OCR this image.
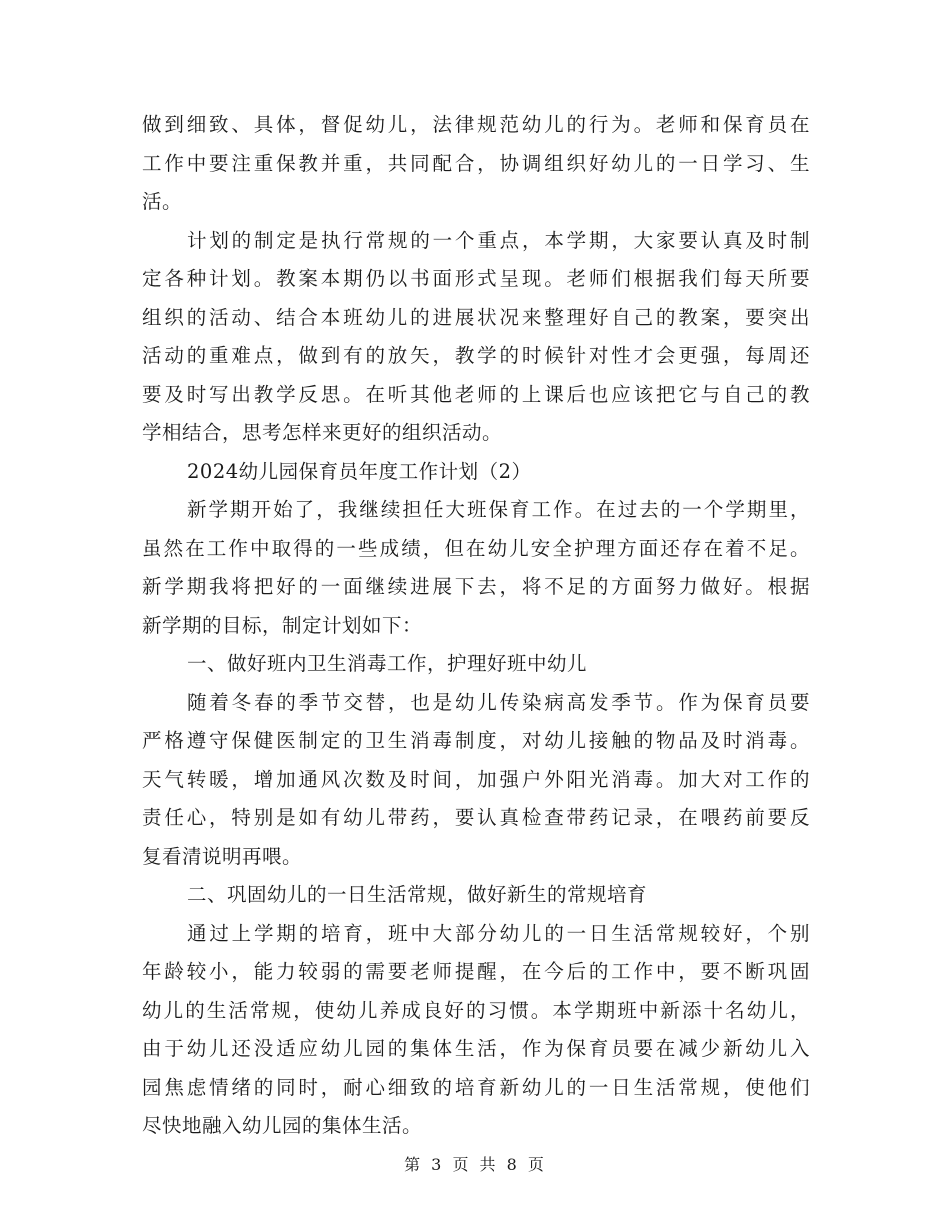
做到细致、具体，督促幼儿，法律规范幼儿的行为。老师和保育员在
工作中要注重保教并重，共同配合，协调组织好幼儿的一日学习、生
活。
计划的制定是执行常规的一个重点，本学期，大家要认真及时制
定各种计划。教案本期仍以书面形式呈现。老师们根据我们每天所要
组织的活动、结合本班幼儿的进展状况来整理好自己的教案，要突出
活动的重难点，做到有的放矢，教学的时候针对性才会更强，每周还
要及时写出教学反思。在听其他老师的上课后也应该把它与自己的教
学相结合，思考怎样来更好的组织活动。
2024幼儿园保育员年度工作计划（2）
新学期开始了，我继续担任大班保育工作。在过去的一个学期里，
虽然在工作中取得的一些成绩，但在幼儿安全护理方面还存在着不足。
新学期我将把好的一面继续进展下去，将不足的方面努力做好。根据
新学期的目标，制定计划如下：
一、做好班内卫生消毒工作，护理好班中幼儿
随着冬春的季节交替，也是幼儿传染病高发季节。作为保育员要
严格遵守保健医制定的卫生消毒制度，对幼儿接触的物品及时消毒。
天气转暖，增加通风次数及时间，加强户外阳光消毒。加大对工作的
责任心，特别是如有幼儿带药，要认真检查带药记录，在喂药前要反
复看清说明再喂。
二、巩固幼儿的一日生活常规，做好新生的常规培育
通过上学期的培育，班中大部分幼儿的一日生活常规较好，个别
年龄较小，能力较弱的需要老师提醒，在今后的工作中，要不断巩固
幼儿的生活常规，使幼儿养成良好的习惯。本学期班中新添十名幼儿，
由于幼儿还没适应幼儿园的集体生活，作为保育员要在减少新幼儿入
园焦虑情绪的同时，耐心细致的培育新幼儿的一日生活常规，使他们
尽快地融入幼儿园的集体生活。
第 3 页 共 8 页
